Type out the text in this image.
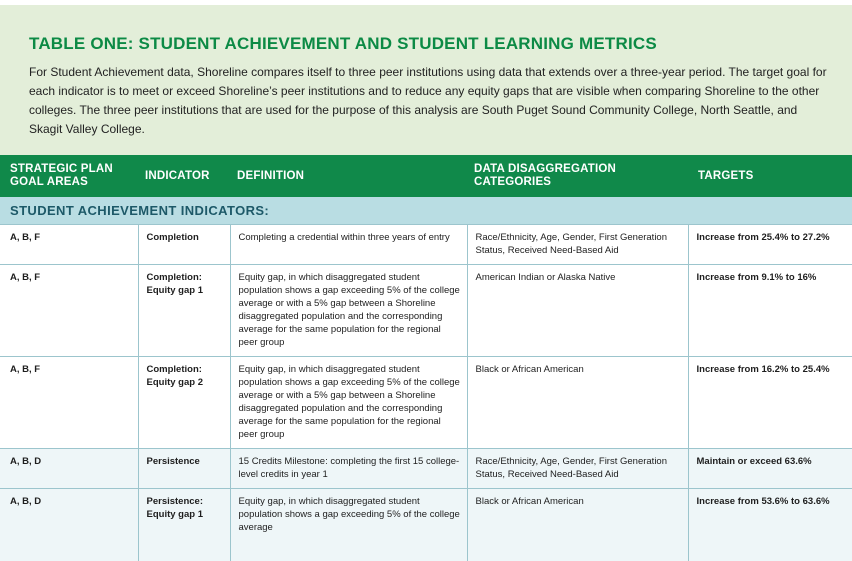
TABLE ONE: STUDENT ACHIEVEMENT AND STUDENT LEARNING METRICS

For Student Achievement data, Shoreline compares itself to three peer institutions using data that extends over a three-year period. The target goal for each indicator is to meet or exceed Shoreline’s peer institutions and to reduce any equity gaps that are visible when comparing Shoreline to the other colleges. The three peer institutions that are used for the purpose of this analysis are South Puget Sound Community College, North Seattle, and Skagit Valley College.

STRATEGIC PLAN GOAL AREAS	INDICATOR	DEFINITION	DATA DISAGGREGATION CATEGORIES	TARGETS
STUDENT ACHIEVEMENT INDICATORS:				
A, B, F	Completion	Completing a credential within three years of entry	Race/Ethnicity, Age, Gender, First Generation Status, Received Need-Based Aid	Increase from 25.4% to 27.2%
A, B, F	Completion: Equity gap 1	Equity gap, in which disaggregated student population shows a gap exceeding 5% of the college average or with a 5% gap between a Shoreline disaggregated population and the corresponding average for the same population for the regional peer group	American Indian or Alaska Native	Increase from 9.1% to 16%
A, B, F	Completion: Equity gap 2	Equity gap, in which disaggregated student population shows a gap exceeding 5% of the college average or with a 5% gap between a Shoreline disaggregated population and the corresponding average for the same population for the regional peer group	Black or African American	Increase from 16.2% to 25.4%
A, B, D	Persistence	15 Credits Milestone: completing the first 15 college-level credits in year 1	Race/Ethnicity, Age, Gender, First Generation Status, Received Need-Based Aid	Maintain or exceed 63.6%
A, B, D	Persistence: Equity gap 1	Equity gap, in which disaggregated student population shows a gap exceeding 5% of the college average	Black or African American	Increase from 53.6% to 63.6%
